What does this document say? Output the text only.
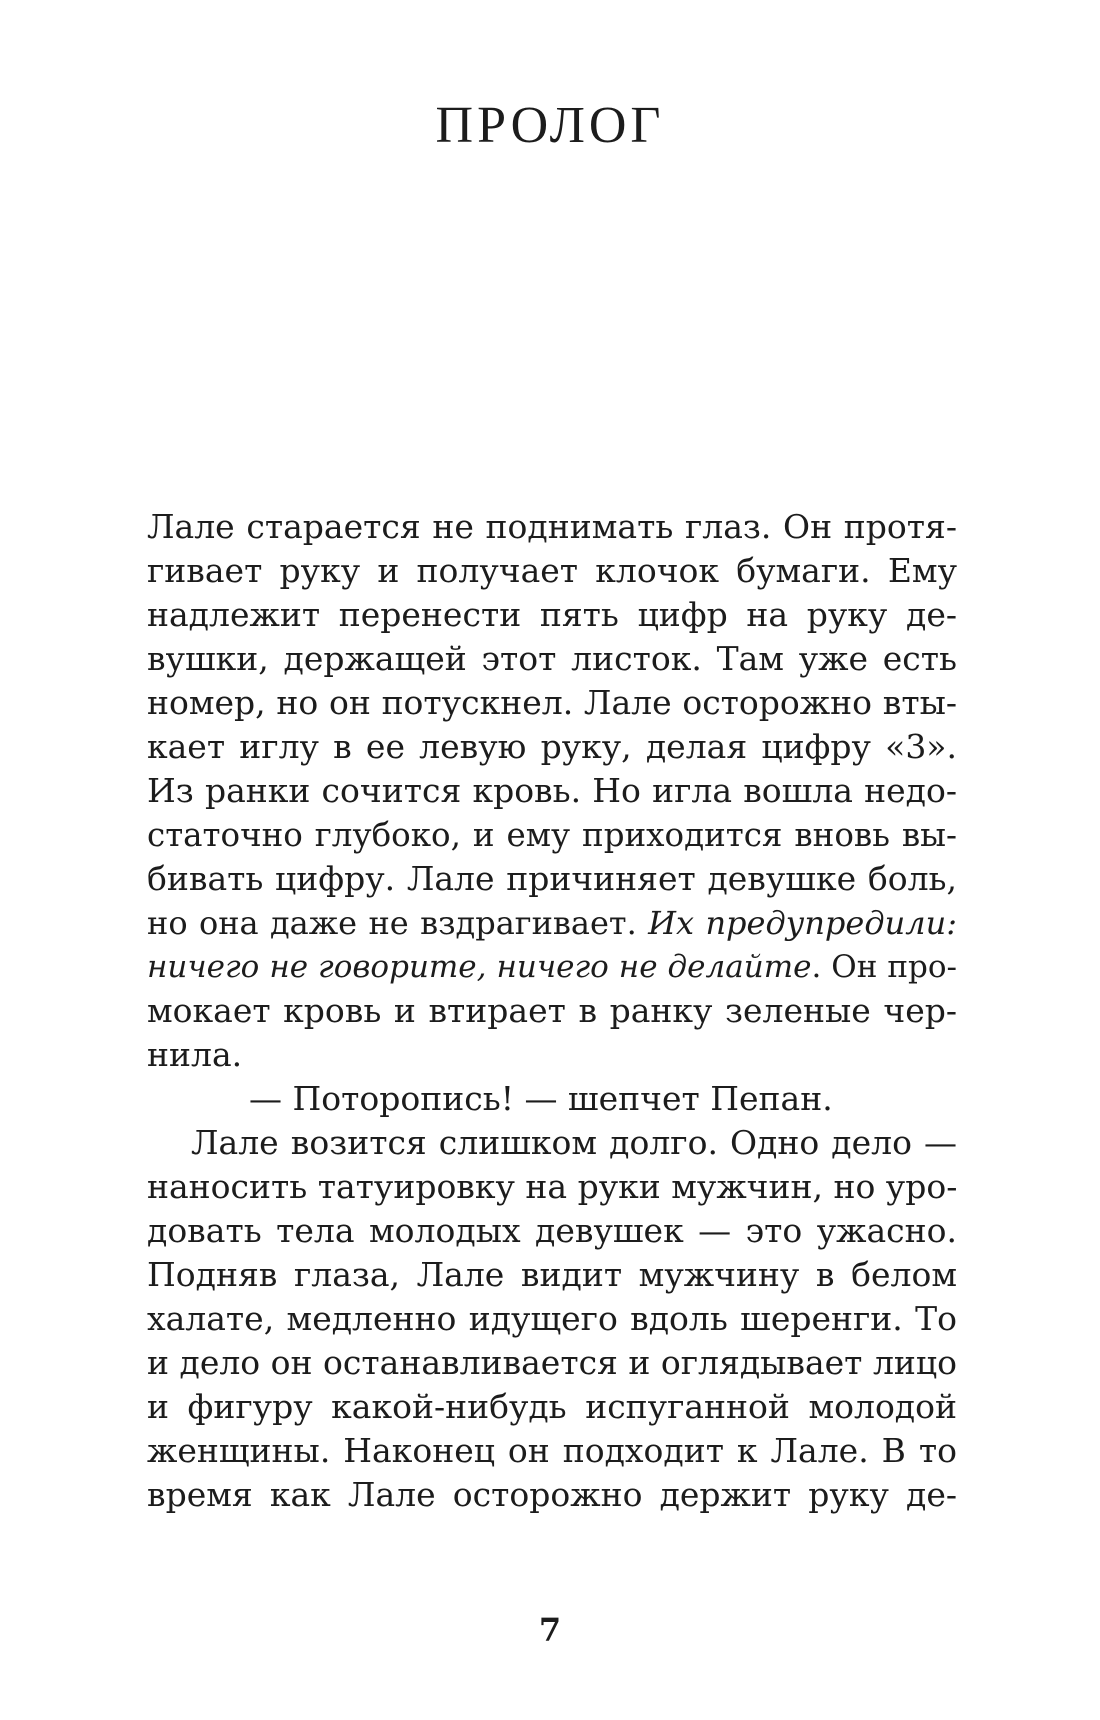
ПРОЛОГ
Лале старается не поднимать глаз. Он протя-
гивает руку и получает клочок бумаги. Ему
надлежит перенести пять цифр на руку де-
вушки, держащей этот листок. Там уже есть
номер, но он потускнел. Лале осторожно вты-
кает иглу в ее левую руку, делая цифру «3».
Из ранки сочится кровь. Но игла вошла недо-
статочно глубоко, и ему приходится вновь вы-
бивать цифру. Лале причиняет девушке боль,
но она даже не вздрагивает. Их предупредили:
ничего не говорите, ничего не делайте. Он про-
мокает кровь и втирает в ранку зеленые чер-
нила.
— Поторопись! — шепчет Пепан.
Лале возится слишком долго. Одно дело —
наносить татуировку на руки мужчин, но уро-
довать тела молодых девушек — это ужасно.
Подняв глаза, Лале видит мужчину в белом
халате, медленно идущего вдоль шеренги. То
и дело он останавливается и оглядывает лицо
и фигуру какой-нибудь испуганной молодой
женщины. Наконец он подходит к Лале. В то
время как Лале осторожно держит руку де-
7
